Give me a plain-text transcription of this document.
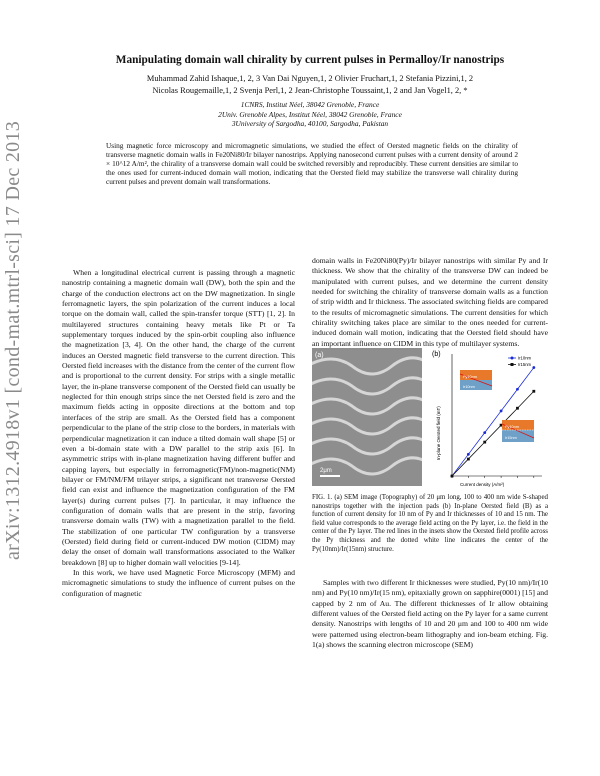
arXiv:1312.4918v1 [cond-mat.mtrl-sci] 17 Dec 2013
Manipulating domain wall chirality by current pulses in Permalloy/Ir nanostrips
Muhammad Zahid Ishaque,1, 2, 3 Van Dai Nguyen,1, 2 Olivier Fruchart,1, 2 Stefania Pizzini,1, 2
Nicolas Rougemaille,1, 2 Svenja Perl,1, 2 Jean-Christophe Toussaint,1, 2 and Jan Vogel1, 2, *
1CNRS, Institut Néel, 38042 Grenoble, France
2Univ. Grenoble Alpes, Institut Néel, 38042 Grenoble, France
3University of Sargodha, 40100, Sargodha, Pakistan
Using magnetic force microscopy and micromagnetic simulations, we studied the effect of Oersted magnetic fields on the chirality of transverse magnetic domain walls in Fe20Ni80/Ir bilayer nanostrips. Applying nanosecond current pulses with a current density of around 2 × 10^12 A/m², the chirality of a transverse domain wall could be switched reversibly and reproducibly. These current densities are similar to the ones used for current-induced domain wall motion, indicating that the Oersted field may stabilize the transverse wall chirality during current pulses and prevent domain wall transformations.

When a longitudinal electrical current is passing through a magnetic nanostrip containing a magnetic domain wall (DW), both the spin and the charge of the conduction electrons act on the DW magnetization. In single ferromagnetic layers, the spin polarization of the current induces a local torque on the domain wall, called the spin-transfer torque (STT) [1, 2]. In multilayered structures containing heavy metals like Pt or Ta supplementary torques induced by the spin-orbit coupling also influence the magnetization [3, 4]. On the other hand, the charge of the current induces an Oersted magnetic field transverse to the current direction. This Oersted field increases with the distance from the center of the current flow and is proportional to the current density. For strips with a single metallic layer, the in-plane transverse component of the Oersted field can usually be neglected for thin enough strips since the net Oersted field is zero and the maximum fields acting in opposite directions at the bottom and top interfaces of the strip are small. As the Oersted field has a component perpendicular to the plane of the strip close to the borders, in materials with perpendicular magnetization it can induce a tilted domain wall shape [5] or even a bi-domain state with a DW parallel to the strip axis [6]. In asymmetric strips with in-plane magnetization having different buffer and capping layers, but especially in ferromagnetic(FM)/non-magnetic(NM) bilayer or FM/NM/FM trilayer strips, a significant net transverse Oersted field can exist and influence the magnetization configuration of the FM layer(s) during current pulses [7]. In particular, it may influence the configuration of domain walls that are present in the strip, favoring transverse domain walls (TW) with a magnetization parallel to the field. The stabilization of one particular TW configuration by a transverse (Oersted) field during field or current-induced DW motion (CIDM) may delay the onset of domain wall transformations associated to the Walker breakdown [8] up to higher domain wall velocities [9-14].

In this work, we have used Magnetic Force Microscopy (MFM) and micromagnetic simulations to study the influence of current pulses on the configuration of magnetic

domain walls in Fe20Ni80(Py)/Ir bilayer nanostrips with similar Py and Ir thickness. We show that the chirality of the transverse DW can indeed be manipulated with current pulses, and we determine the current density needed for switching the chirality of transverse domain walls as a function of strip width and Ir thickness. The associated switching fields are compared to the results of micromagnetic simulations. The current densities for which chirality switching takes place are similar to the ones needed for current-induced domain wall motion, indicating that the Oersted field should have an important influence on CIDM in this type of multilayer systems.

(a)
2μm
(b)
Py10nm
Ir10nm
Py10nm
Ir15nm
Ir10nm
Ir15nm
Current density (A/m²)
In-plane Oersted field (mT)
FIG. 1. (a) SEM image (Topography) of 20 μm long, 100 to 400 nm wide S-shaped nanostrips together with the injection pads (b) In-plane Oersted field (B) as a function of current density for 10 nm of Py and Ir thicknesses of 10 and 15 nm. The field value corresponds to the average field acting on the Py layer, i.e. the field in the center of the Py layer. The red lines in the insets show the Oersted field profile across the Py thickness and the dotted white line indicates the center of the Py(10nm)/Ir(15nm) structure.

Samples with two different Ir thicknesses were studied, Py(10 nm)/Ir(10 nm) and Py(10 nm)/Ir(15 nm), epitaxially grown on sapphire(0001) [15] and capped by 2 nm of Au. The different thicknesses of Ir allow obtaining different values of the Oersted field acting on the Py layer for a same current density. Nanostrips with lengths of 10 and 20 μm and 100 to 400 nm wide were patterned using electron-beam lithography and ion-beam etching. Fig. 1(a) shows the scanning electron microscope (SEM)
